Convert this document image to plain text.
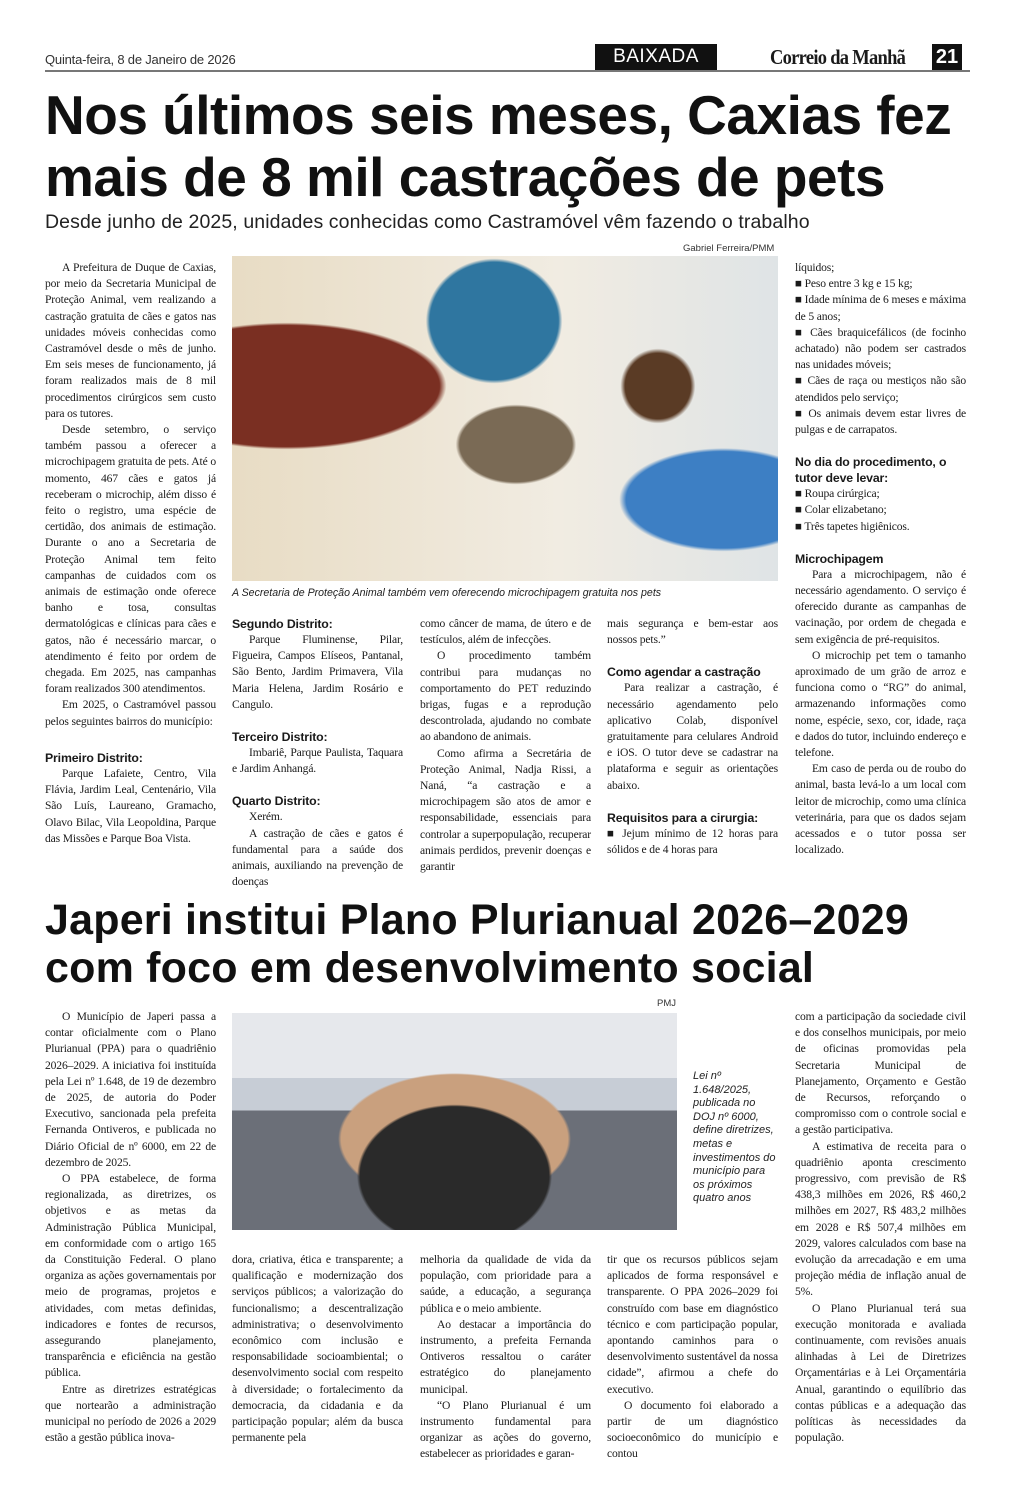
Quinta-feira, 8 de Janeiro de 2026	BAIXADA	Correio da Manhã 21
Nos últimos seis meses, Caxias fez mais de 8 mil castrações de pets
Desde junho de 2025, unidades conhecidas como Castramóvel vêm fazendo o trabalho
Gabriel Ferreira/PMM
A Secretaria de Proteção Animal também vem oferecendo microchipagem gratuita nos pets

A Prefeitura de Duque de Caxias, por meio da Secretaria Municipal de Proteção Animal, vem realizando a castração gratuita de cães e gatos nas unidades móveis conhecidas como Castramóvel desde o mês de junho. Em seis meses de funcionamento, já foram realizados mais de 8 mil procedimentos cirúrgicos sem custo para os tutores.

Desde setembro, o serviço também passou a oferecer a microchipagem gratuita de pets. Até o momento, 467 cães e gatos já receberam o microchip, além disso é feito o registro, uma espécie de certidão, dos animais de estimação. Durante o ano a Secretaria de Proteção Animal tem feito campanhas de cuidados com os animais de estimação onde oferece banho e tosa, consultas dermatológicas e clínicas para cães e gatos, não é necessário marcar, o atendimento é feito por ordem de chegada. Em 2025, nas campanhas foram realizados 300 atendimentos.

Em 2025, o Castramóvel passou pelos seguintes bairros do município:

Primeiro Distrito:

Parque Lafaiete, Centro, Vila Flávia, Jardim Leal, Centenário, Vila São Luís, Laureano, Gramacho, Olavo Bilac, Vila Leopoldina, Parque das Missões e Parque Boa Vista.

Segundo Distrito:

Parque Fluminense, Pilar, Figueira, Campos Elíseos, Pantanal, São Bento, Jardim Primavera, Vila Maria Helena, Jardim Rosário e Cangulo.

Terceiro Distrito:

Imbariê, Parque Paulista, Taquara e Jardim Anhangá.

Quarto Distrito:

Xerém.

A castração de cães e gatos é fundamental para a saúde dos animais, auxiliando na prevenção de doenças

como câncer de mama, de útero e de testículos, além de infecções.

O procedimento também contribui para mudanças no comportamento do PET reduzindo brigas, fugas e a reprodução descontrolada, ajudando no combate ao abandono de animais.

Como afirma a Secretária de Proteção Animal, Nadja Rissi, a Naná, “a castração e a microchipagem são atos de amor e responsabilidade, essenciais para controlar a superpopulação, recuperar animais perdidos, prevenir doenças e garantir

mais segurança e bem-estar aos nossos pets.”

Como agendar a castração

Para realizar a castração, é necessário agendamento pelo aplicativo Colab, disponível gratuitamente para celulares Android e iOS. O tutor deve se cadastrar na plataforma e seguir as orientações abaixo.

Requisitos para a cirurgia:

■ Jejum mínimo de 12 horas para sólidos e de 4 horas para

líquidos;

■ Peso entre 3 kg e 15 kg;

■ Idade mínima de 6 meses e máxima de 5 anos;

■ Cães braquicefálicos (de focinho achatado) não podem ser castrados nas unidades móveis;

■ Cães de raça ou mestiços não são atendidos pelo serviço;

■ Os animais devem estar livres de pulgas e de carrapatos.

No dia do procedimento, o tutor deve levar:

■ Roupa cirúrgica;

■ Colar elizabetano;

■ Três tapetes higiênicos.

Microchipagem

Para a microchipagem, não é necessário agendamento. O serviço é oferecido durante as campanhas de vacinação, por ordem de chegada e sem exigência de pré-requisitos.

O microchip pet tem o tamanho aproximado de um grão de arroz e funciona como o “RG” do animal, armazenando informações como nome, espécie, sexo, cor, idade, raça e dados do tutor, incluindo endereço e telefone.

Em caso de perda ou de roubo do animal, basta levá-lo a um local com leitor de microchip, como uma clínica veterinária, para que os dados sejam acessados e o tutor possa ser localizado.

Japeri institui Plano Plurianual 2026–2029 com foco em desenvolvimento social
PMJ
Lei nº 1.648/2025, publicada no DOJ nº 6000, define diretrizes, metas e investimentos do município para os próximos quatro anos

O Município de Japeri passa a contar oficialmente com o Plano Plurianual (PPA) para o quadriênio 2026–2029. A iniciativa foi instituída pela Lei nº 1.648, de 19 de dezembro de 2025, de autoria do Poder Executivo, sancionada pela prefeita Fernanda Ontiveros, e publicada no Diário Oficial de nº 6000, em 22 de dezembro de 2025.

O PPA estabelece, de forma regionalizada, as diretrizes, os objetivos e as metas da Administração Pública Municipal, em conformidade com o artigo 165 da Constituição Federal. O plano organiza as ações governamentais por meio de programas, projetos e atividades, com metas definidas, indicadores e fontes de recursos, assegurando planejamento, transparência e eficiência na gestão pública.

Entre as diretrizes estratégicas que nortearão a administração municipal no período de 2026 a 2029 estão a gestão pública inova-

dora, criativa, ética e transparente; a qualificação e modernização dos serviços públicos; a valorização do funcionalismo; a descentralização administrativa; o desenvolvimento econômico com inclusão e responsabilidade socioambiental; o desenvolvimento social com respeito à diversidade; o fortalecimento da democracia, da cidadania e da participação popular; além da busca permanente pela

melhoria da qualidade de vida da população, com prioridade para a saúde, a educação, a segurança pública e o meio ambiente.

Ao destacar a importância do instrumento, a prefeita Fernanda Ontiveros ressaltou o caráter estratégico do planejamento municipal.

“O Plano Plurianual é um instrumento fundamental para organizar as ações do governo, estabelecer as prioridades e garan-

tir que os recursos públicos sejam aplicados de forma responsável e transparente. O PPA 2026–2029 foi construído com base em diagnóstico técnico e com participação popular, apontando caminhos para o desenvolvimento sustentável da nossa cidade”, afirmou a chefe do executivo.

O documento foi elaborado a partir de um diagnóstico socioeconômico do município e contou

com a participação da sociedade civil e dos conselhos municipais, por meio de oficinas promovidas pela Secretaria Municipal de Planejamento, Orçamento e Gestão de Recursos, reforçando o compromisso com o controle social e a gestão participativa.

A estimativa de receita para o quadriênio aponta crescimento progressivo, com previsão de R$ 438,3 milhões em 2026, R$ 460,2 milhões em 2027, R$ 483,2 milhões em 2028 e R$ 507,4 milhões em 2029, valores calculados com base na evolução da arrecadação e em uma projeção média de inflação anual de 5%.

O Plano Plurianual terá sua execução monitorada e avaliada continuamente, com revisões anuais alinhadas à Lei de Diretrizes Orçamentárias e à Lei Orçamentária Anual, garantindo o equilíbrio das contas públicas e a adequação das políticas às necessidades da população.
